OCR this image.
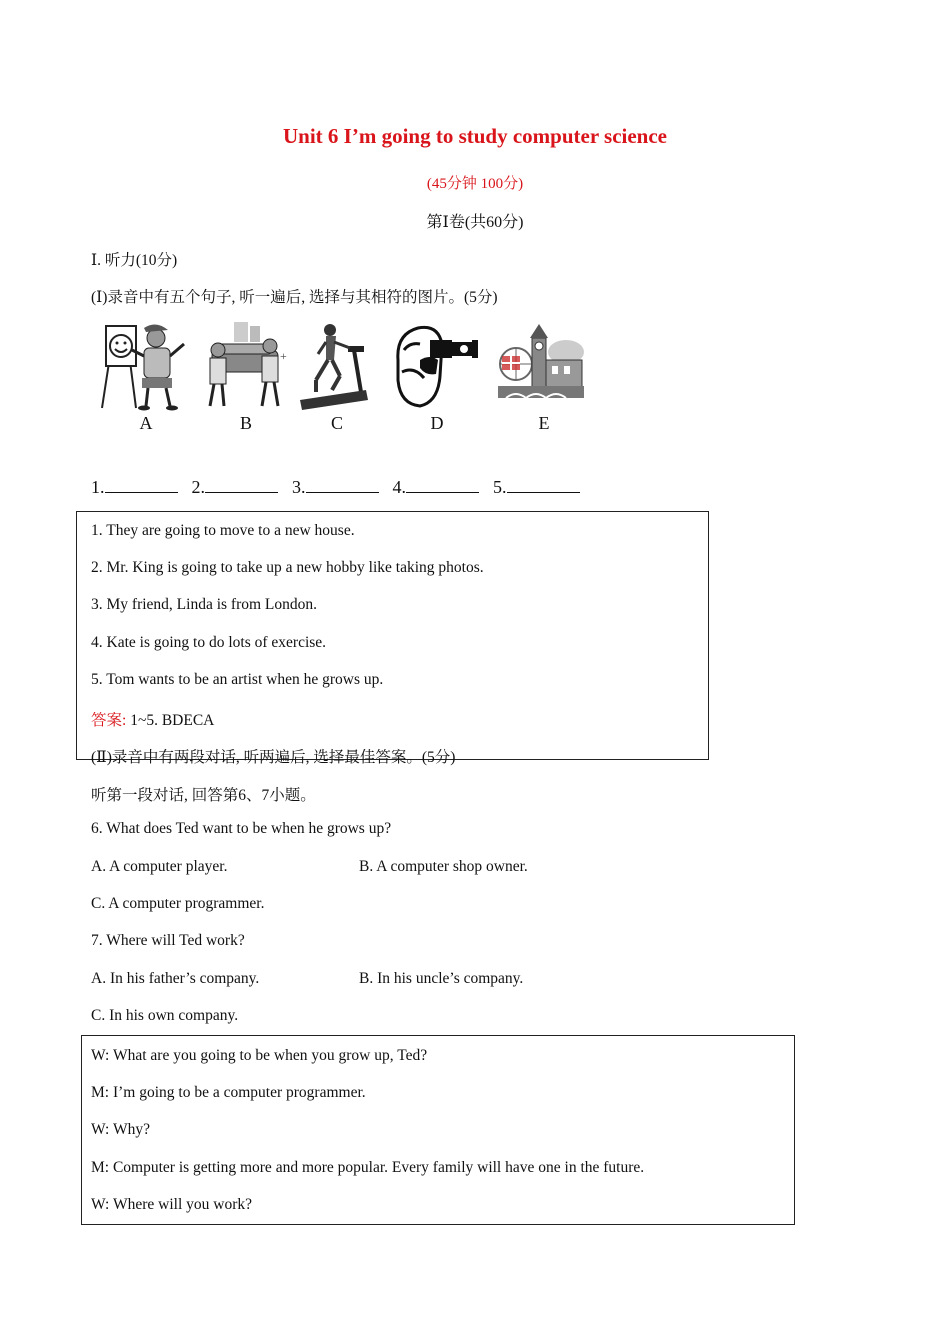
Unit 6 I’m going to study computer science
(45分钟 100分)
第Ⅰ卷(共60分)
Ⅰ. 听力(10分)
(Ⅰ)录音中有五个句子, 听一遍后, 选择与其相符的图片。(5分)
+
A	B	C	D	E
1.	2.	3.	4.	5.
1. They are going to move to a new house.
2. Mr. King is going to take up a new hobby like taking photos.
3. My friend, Linda is from London.
4. Kate is going to do lots of exercise.
5. Tom wants to be an artist when he grows up.
答案: 1~5. BDECA
(Ⅱ)录音中有两段对话, 听两遍后, 选择最佳答案。(5分)
听第一段对话, 回答第6、7小题。
6. What does Ted want to be when he grows up?
A. A computer player.	B. A computer shop owner.
C. A computer programmer.
7. Where will Ted work?
A. In his father’s company.	B. In his uncle’s company.
C. In his own company.
W: What are you going to be when you grow up, Ted?
M: I’m going to be a computer programmer.
W: Why?
M: Computer is getting more and more popular. Every family will have one in the future.
W: Where will you work?
